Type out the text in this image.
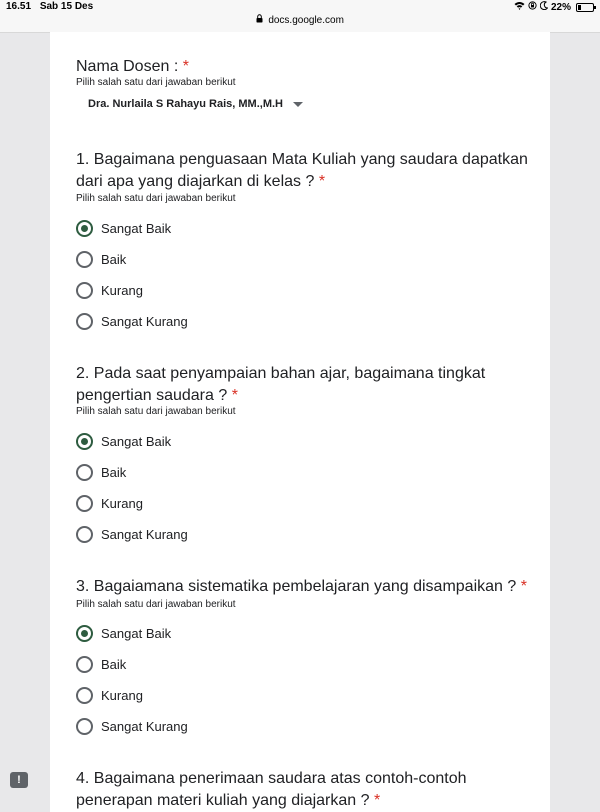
16.51 Sab 15 Des	22%
docs.google.com
Nama Dosen : *
Pilih salah satu dari jawaban berikut
Dra. Nurlaila S Rahayu Rais, MM.,M.H
1. Bagaimana penguasaan Mata Kuliah yang saudara dapatkan dari apa yang diajarkan di kelas ? *
Pilih salah satu dari jawaban berikut
Sangat Baik
Baik
Kurang
Sangat Kurang
2. Pada saat penyampaian bahan ajar, bagaimana tingkat pengertian saudara ? *
Pilih salah satu dari jawaban berikut
Sangat Baik
Baik
Kurang
Sangat Kurang
3. Bagaiamana sistematika pembelajaran yang disampaikan ? *
Pilih salah satu dari jawaban berikut
Sangat Baik
Baik
Kurang
Sangat Kurang
4. Bagaimana penerimaan saudara atas contoh-contoh penerapan materi kuliah yang diajarkan ? *
!
